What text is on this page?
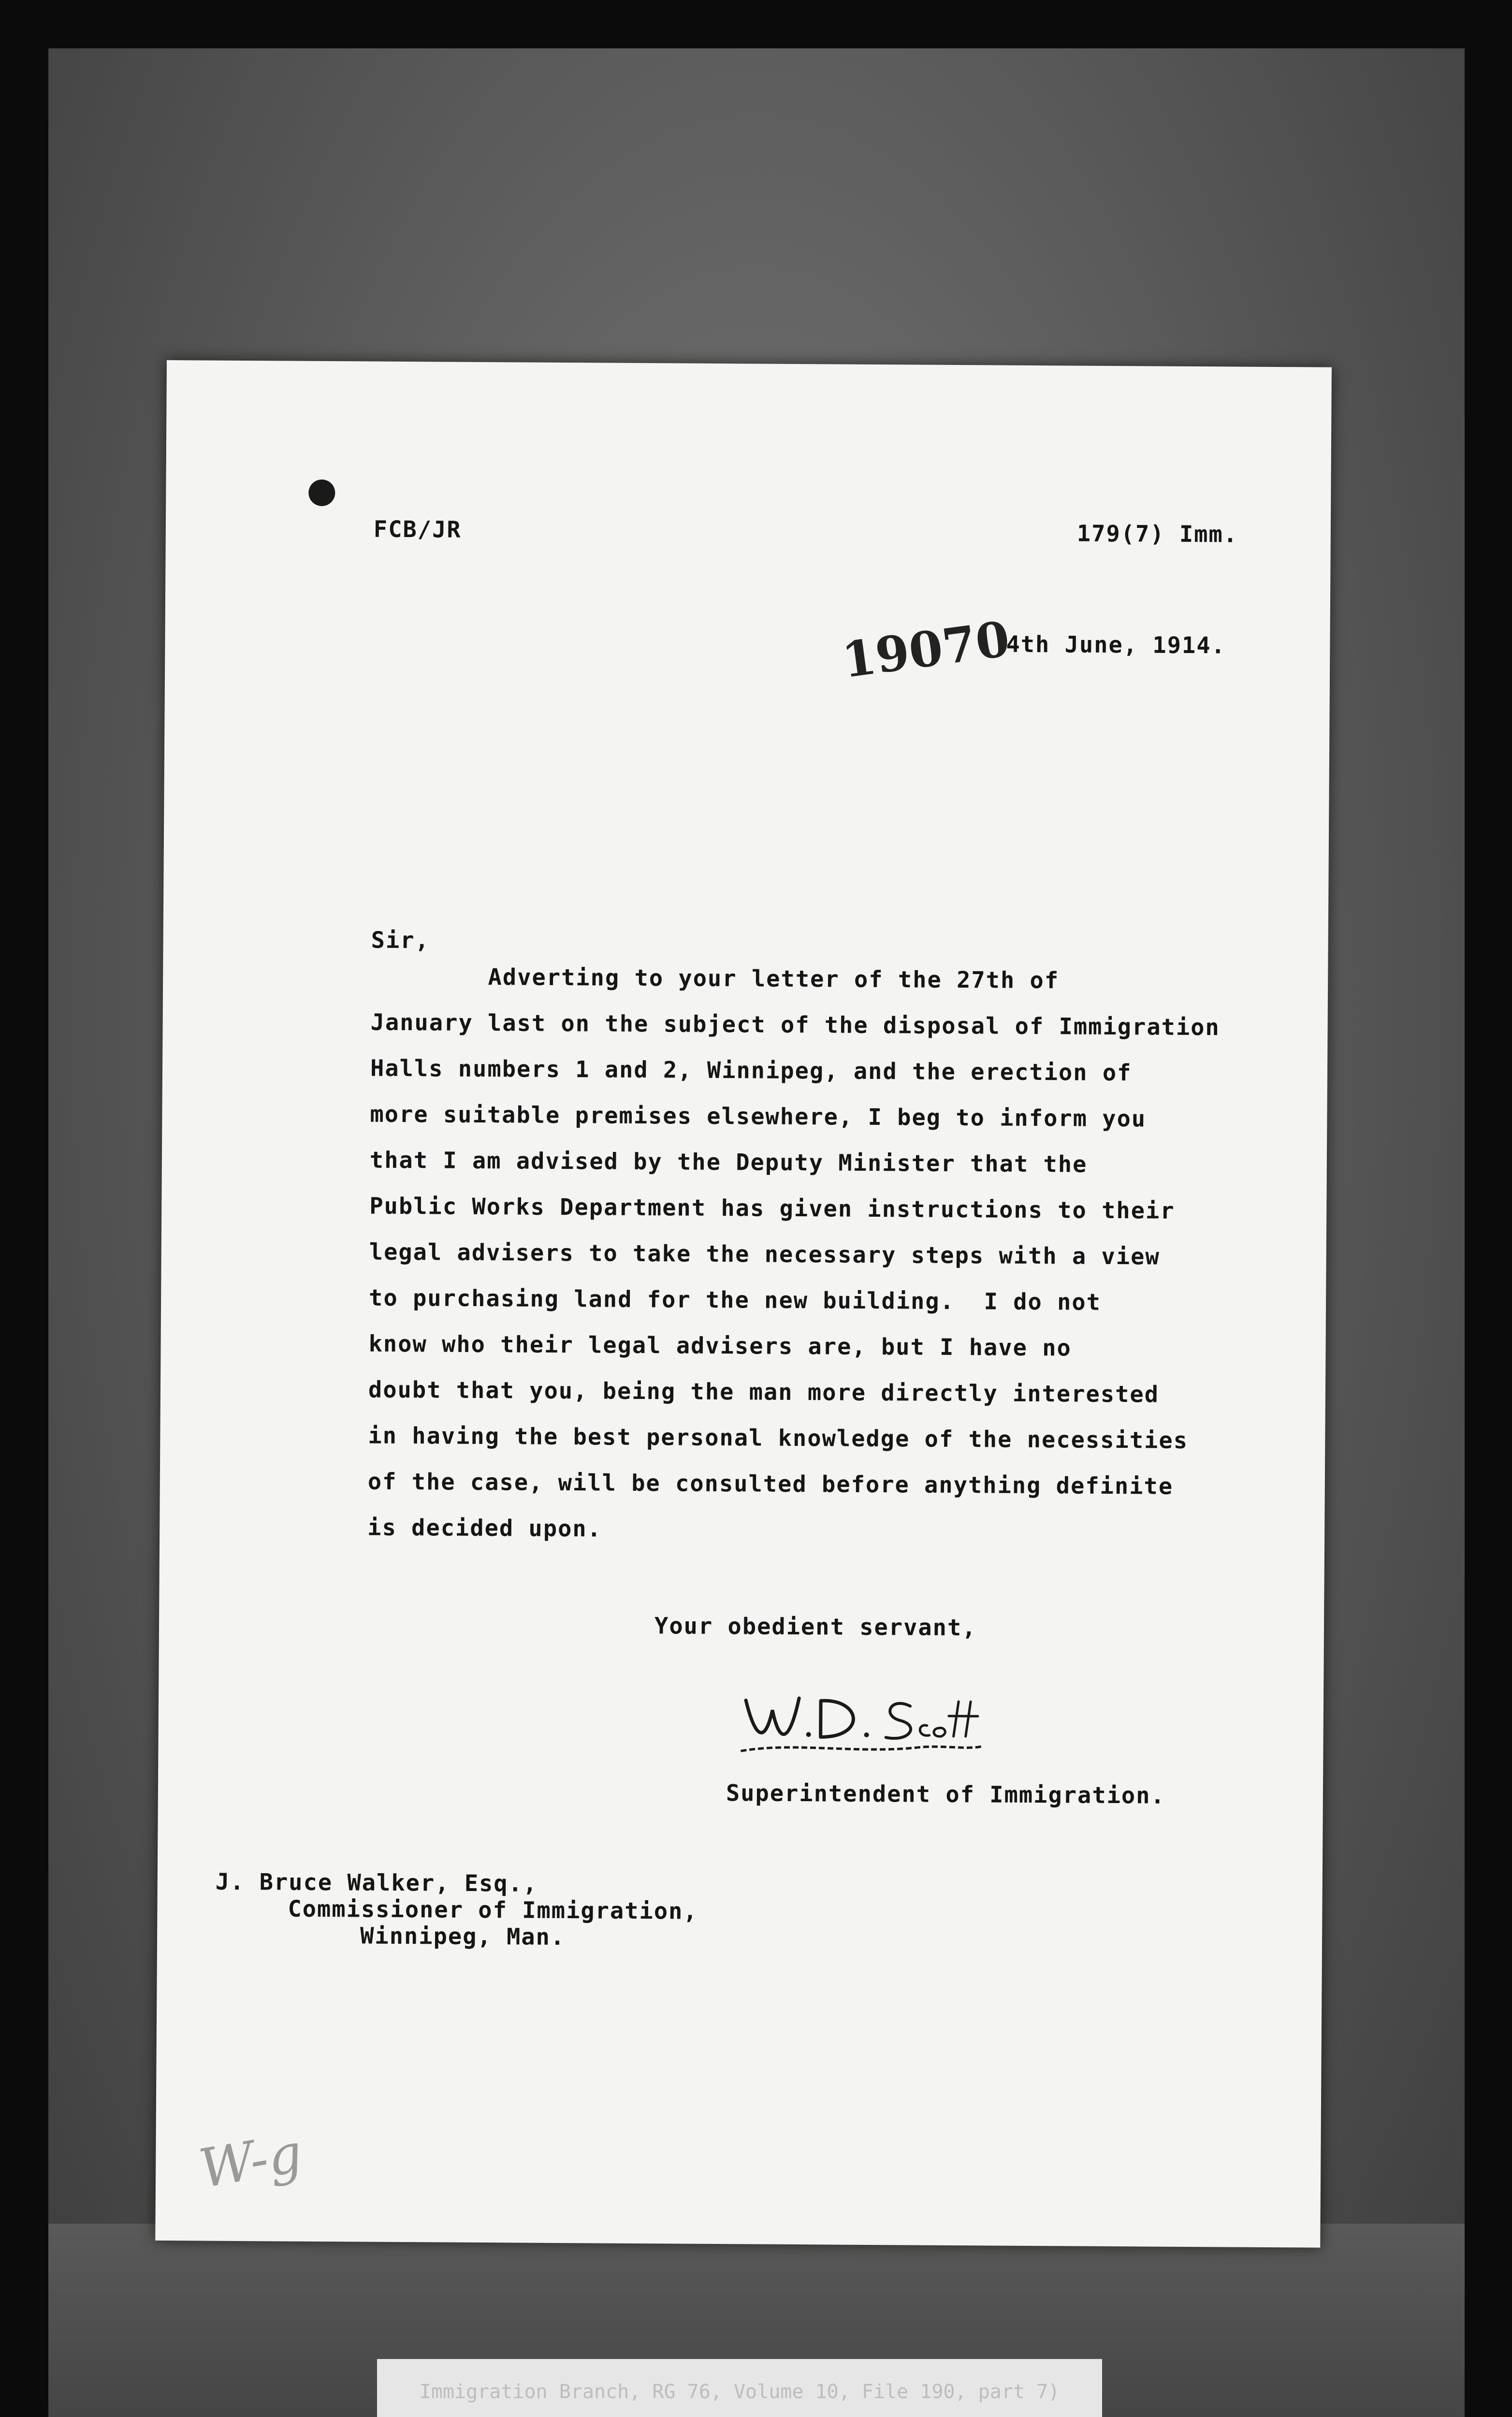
FCB/JR	179(7) Imm.
19070
4th June, 1914.
Sir,
Adverting to your letter of the 27th of
January last on the subject of the disposal of Immigration
Halls numbers 1 and 2, Winnipeg, and the erection of
more suitable premises elsewhere, I beg to inform you
that I am advised by the Deputy Minister that the
Public Works Department has given instructions to their
legal advisers to take the necessary steps with a view
to purchasing land for the new building.  I do not
know who their legal advisers are, but I have no
doubt that you, being the man more directly interested
in having the best personal knowledge of the necessities
of the case, will be consulted before anything definite
is decided upon.
Your obedient servant,
Superintendent of Immigration.
J. Bruce Walker, Esq.,
Commissioner of Immigration,
Winnipeg, Man.
W-g
Immigration Branch, RG 76, Volume 10, File 190, part 7)
